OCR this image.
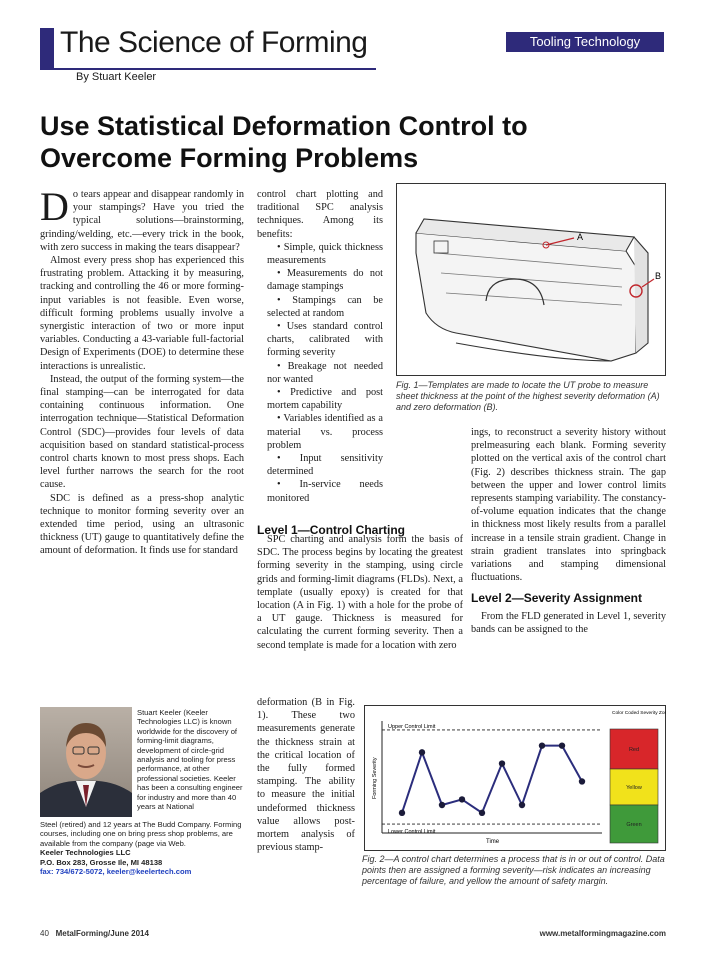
The Science of Forming
By Stuart Keeler
Tooling Technology
Use Statistical Deformation Control to Overcome Forming Problems

Do tears appear and disappear randomly in your stampings? Have you tried the typical solutions—brainstorming, grinding/welding, etc.—every trick in the book, with zero success in making the tears disappear?

Almost every press shop has experienced this frustrating problem. Attacking it by measuring, tracking and controlling the 46 or more forming-input variables is not feasible. Even worse, difficult forming problems usually involve a synergistic interaction of two or more input variables. Conducting a 43-variable full-factorial Design of Experiments (DOE) to determine these interactions is unrealistic.

Instead, the output of the forming system—the final stamping—can be interrogated for data containing continuous information. One interrogation technique—Statistical Deformation Control (SDC)—provides four levels of data acquisition based on standard statistical-process control charts known to most press shops. Each level further narrows the search for the root cause.

SDC is defined as a press-shop analytic technique to monitor forming severity over an extended time period, using an ultrasonic thickness (UT) gauge to quantitatively define the amount of deformation. It finds use for standard

Stuart Keeler (Keeler Technologies LLC) is known worldwide for the discovery of forming-limit diagrams, development of circle-grid analysis and tooling for press performance, at other professional societies. Keeler has been a consulting engineer for industry and more than 40 years at National
Steel (retired) and 12 years at The Budd Company. Forming courses, including one on bring press shop problems, are available from the company (page via Web.
Keeler Technologies LLC
P.O. Box 283, Grosse Ile, MI 48138
fax: 734/672-5072, keeler@keelertech.com

control chart plotting and traditional SPC analysis techniques. Among its benefits:

• Simple, quick thickness measurements

• Measurements do not damage stampings

• Stampings can be selected at random

• Uses standard control charts, calibrated with forming severity

• Breakage not needed nor wanted

• Predictive and post mortem capability

• Variables identified as a material vs. process problem

• Input sensitivity determined

• In-service needs monitored

Level 1—Control Charting

SPC charting and analysis form the basis of SDC. The process begins by locating the greatest forming severity in the stamping, using circle grids and forming-limit diagrams (FLDs). Next, a template (usually epoxy) is created for that location (A in Fig. 1) with a hole for the probe of a UT gauge. Thickness is measured for calculating the current forming severity. Then a second template is made for a location with zero

deformation (B in Fig. 1). These two measurements generate the thickness strain at the critical location of the fully formed stamping. The ability to measure the initial undeformed thickness value allows post-mortem analysis of previous stamp-

A
B
Fig. 1—Templates are made to locate the UT probe to measure sheet thickness at the point of the highest severity deformation (A) and zero deformation (B).

ings, to reconstruct a severity history without prelmeasuring each blank. Forming severity plotted on the vertical axis of the control chart (Fig. 2) describes thickness strain. The gap between the upper and lower control limits represents stamping variability. The constancy-of-volume equation indicates that the change in thickness most likely results from a parallel increase in a tensile strain gradient. Change in strain gradient translates into springback variations and stamping dimensional fluctuations.

Level 2—Severity Assignment

From the FLD generated in Level 1, severity bands can be assigned to the

Upper Control Limit
Lower Control Limit
Forming Severity
Time
Color Coded Severity Zone
Red
Yellow
Green
Fig. 2—A control chart determines a process that is in or out of control. Data points then are assigned a forming severity—risk indicates an increasing percentage of failure, and yellow the amount of safety margin.
40 MetalForming/June 2014	www.metalformingmagazine.com
